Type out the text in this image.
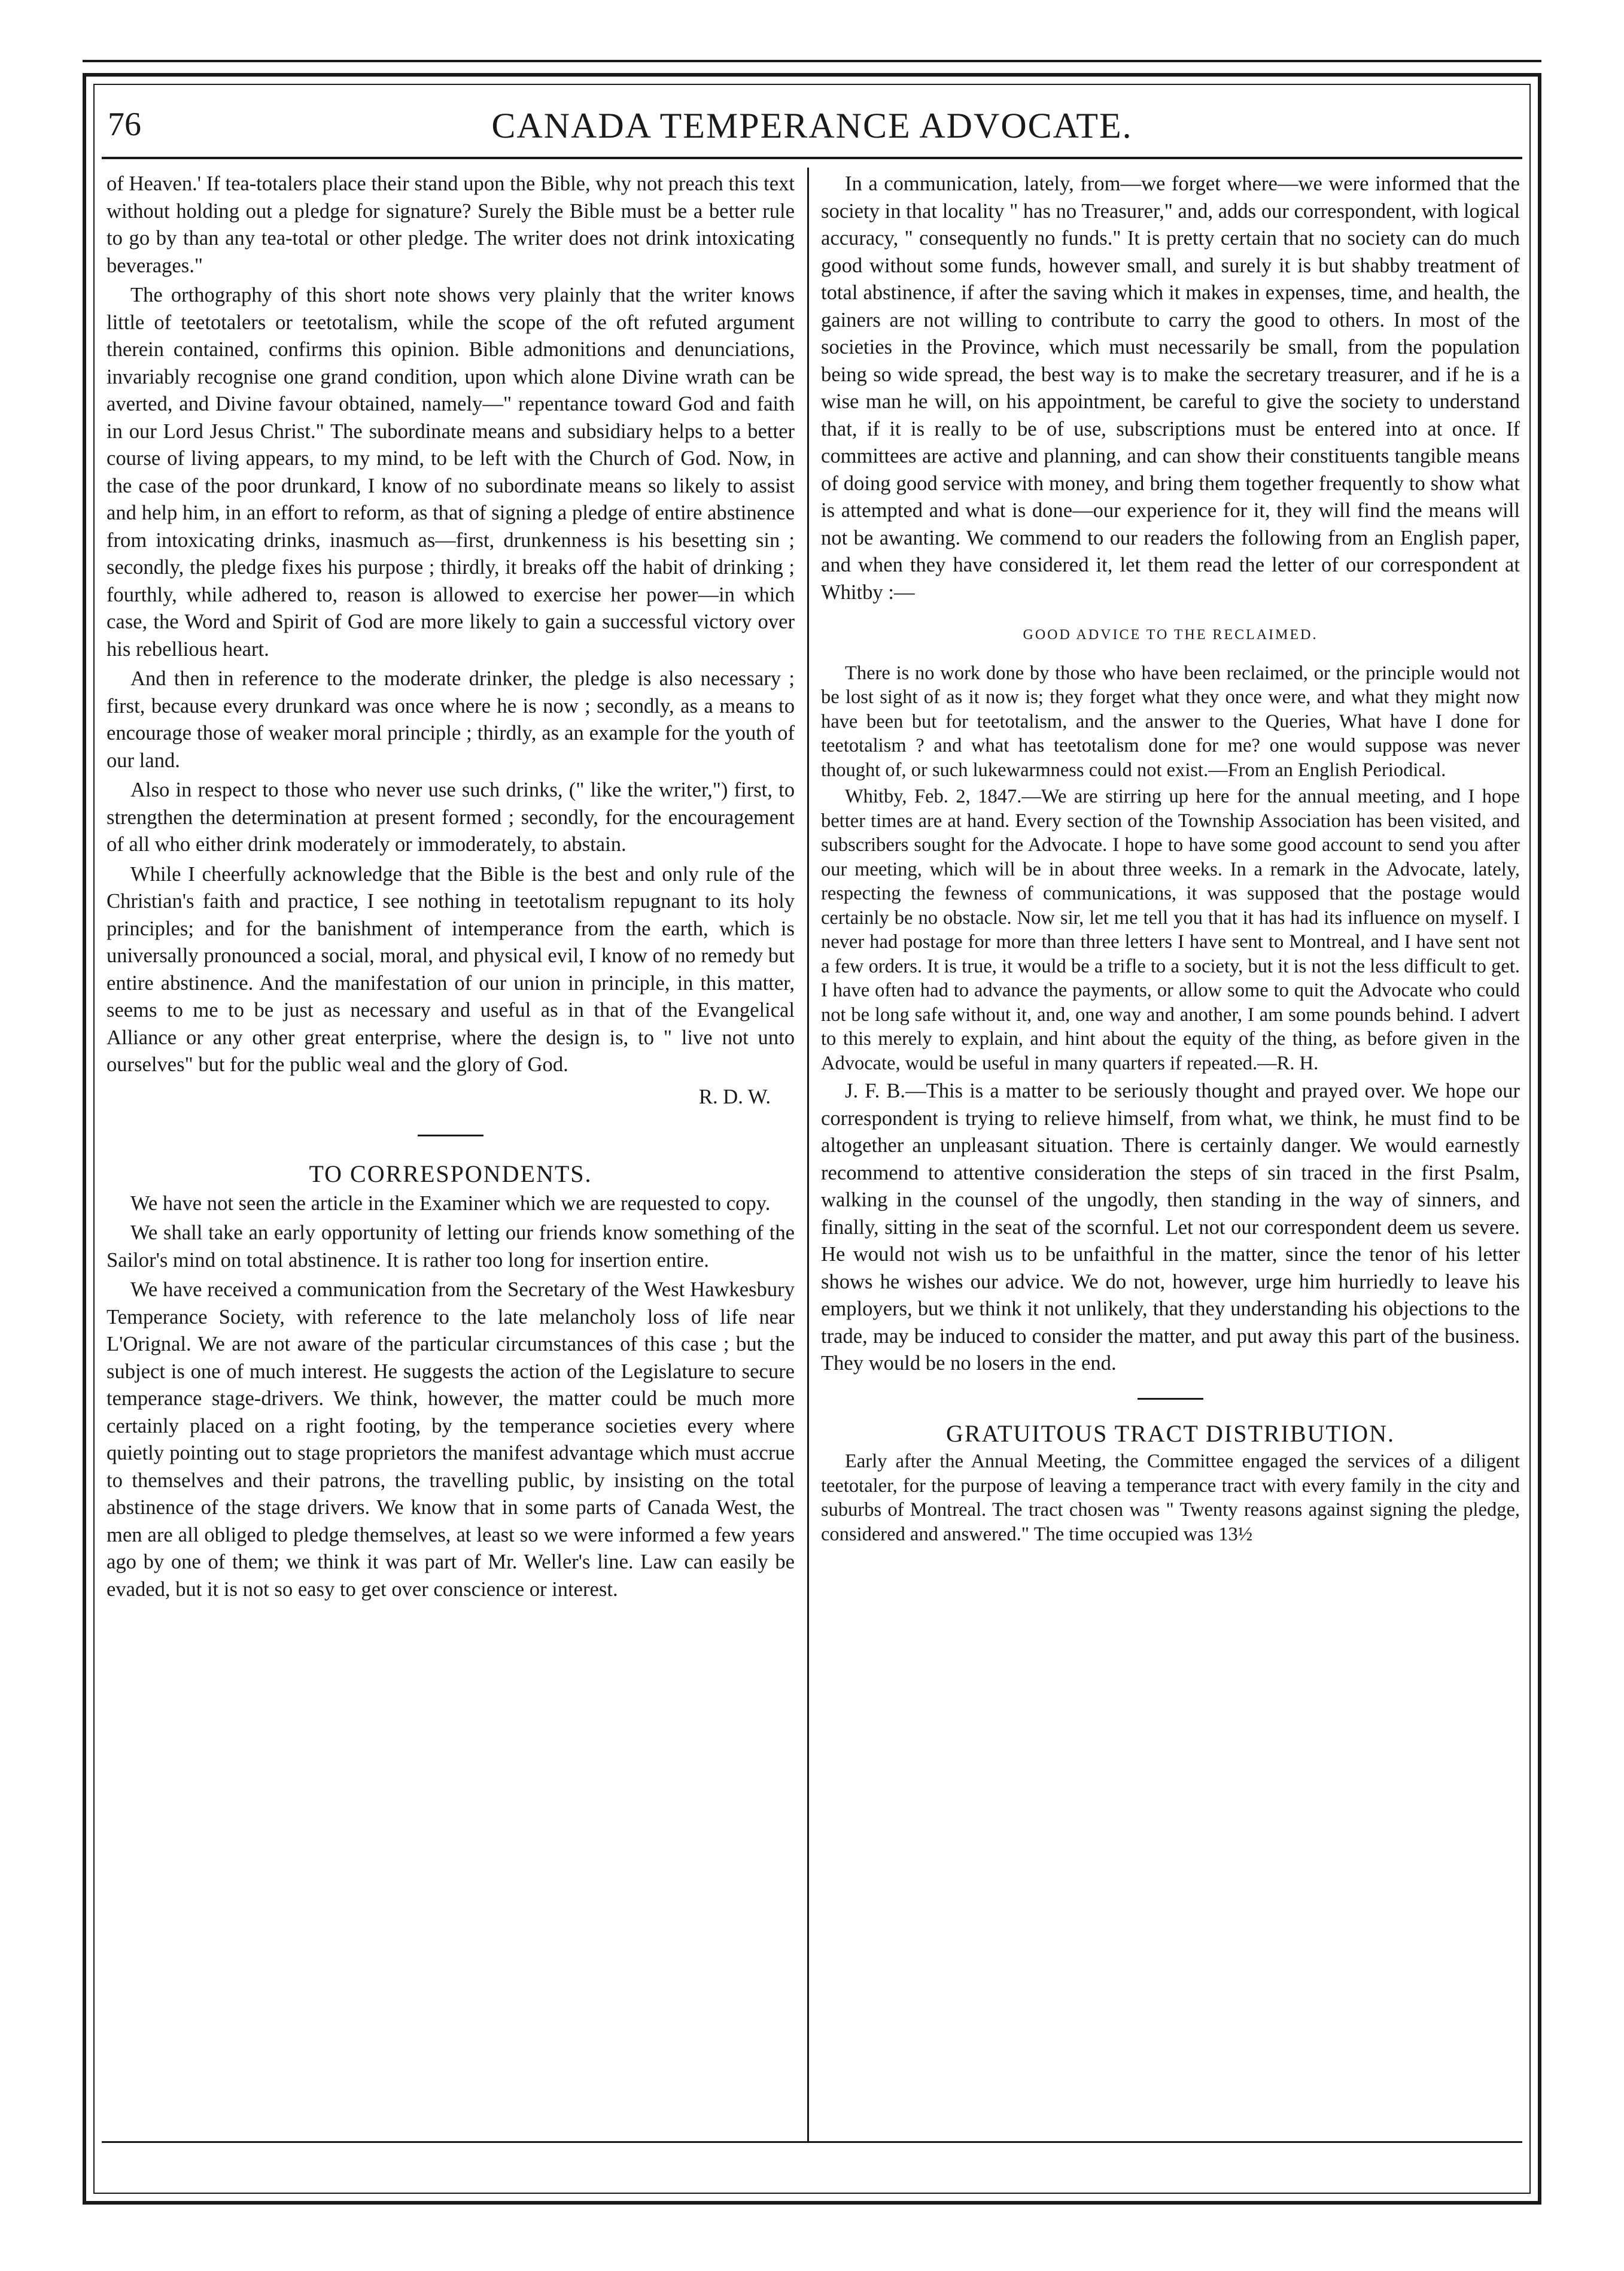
76	CANADA TEMPERANCE ADVOCATE.

of Heaven.' If tea-totalers place their stand upon the Bible, why not preach this text without holding out a pledge for signature? Surely the Bible must be a better rule to go by than any tea-total or other pledge. The writer does not drink intoxicating beverages."

The orthography of this short note shows very plainly that the writer knows little of teetotalers or teetotalism, while the scope of the oft refuted argument therein contained, confirms this opinion. Bible admonitions and denunciations, invariably recognise one grand condition, upon which alone Divine wrath can be averted, and Divine favour obtained, namely—" repentance toward God and faith in our Lord Jesus Christ." The subordinate means and subsidiary helps to a better course of living appears, to my mind, to be left with the Church of God. Now, in the case of the poor drunkard, I know of no subordinate means so likely to assist and help him, in an effort to reform, as that of signing a pledge of entire abstinence from intoxicating drinks, inasmuch as—first, drunkenness is his besetting sin ; secondly, the pledge fixes his purpose ; thirdly, it breaks off the habit of drinking ; fourthly, while adhered to, reason is allowed to exercise her power—in which case, the Word and Spirit of God are more likely to gain a successful victory over his rebellious heart.

And then in reference to the moderate drinker, the pledge is also necessary ; first, because every drunkard was once where he is now ; secondly, as a means to encourage those of weaker moral principle ; thirdly, as an example for the youth of our land.

Also in respect to those who never use such drinks, (" like the writer,") first, to strengthen the determination at present formed ; secondly, for the encouragement of all who either drink moderately or immoderately, to abstain.

While I cheerfully acknowledge that the Bible is the best and only rule of the Christian's faith and practice, I see nothing in teetotalism repugnant to its holy principles; and for the banishment of intemperance from the earth, which is universally pronounced a social, moral, and physical evil, I know of no remedy but entire abstinence. And the manifestation of our union in principle, in this matter, seems to me to be just as necessary and useful as in that of the Evangelical Alliance or any other great enterprise, where the design is, to " live not unto ourselves" but for the public weal and the glory of God.

R. D. W.
TO CORRESPONDENTS.

We have not seen the article in the Examiner which we are requested to copy.

We shall take an early opportunity of letting our friends know something of the Sailor's mind on total abstinence. It is rather too long for insertion entire.

We have received a communication from the Secretary of the West Hawkesbury Temperance Society, with reference to the late melancholy loss of life near L'Orignal. We are not aware of the particular circumstances of this case ; but the subject is one of much interest. He suggests the action of the Legislature to secure temperance stage-drivers. We think, however, the matter could be much more certainly placed on a right footing, by the temperance societies every where quietly pointing out to stage proprietors the manifest advantage which must accrue to themselves and their patrons, the travelling public, by insisting on the total abstinence of the stage drivers. We know that in some parts of Canada West, the men are all obliged to pledge themselves, at least so we were informed a few years ago by one of them; we think it was part of Mr. Weller's line. Law can easily be evaded, but it is not so easy to get over conscience or interest.

In a communication, lately, from—we forget where—we were informed that the society in that locality " has no Treasurer," and, adds our correspondent, with logical accuracy, " consequently no funds." It is pretty certain that no society can do much good without some funds, however small, and surely it is but shabby treatment of total abstinence, if after the saving which it makes in expenses, time, and health, the gainers are not willing to contribute to carry the good to others. In most of the societies in the Province, which must necessarily be small, from the population being so wide spread, the best way is to make the secretary treasurer, and if he is a wise man he will, on his appointment, be careful to give the society to understand that, if it is really to be of use, subscriptions must be entered into at once. If committees are active and planning, and can show their constituents tangible means of doing good service with money, and bring them together frequently to show what is attempted and what is done—our experience for it, they will find the means will not be awanting. We commend to our readers the following from an English paper, and when they have considered it, let them read the letter of our correspondent at Whitby :—

GOOD ADVICE TO THE RECLAIMED.

There is no work done by those who have been reclaimed, or the principle would not be lost sight of as it now is; they forget what they once were, and what they might now have been but for teetotalism, and the answer to the Queries, What have I done for teetotalism ? and what has teetotalism done for me? one would suppose was never thought of, or such lukewarmness could not exist.—From an English Periodical.

Whitby, Feb. 2, 1847.—We are stirring up here for the annual meeting, and I hope better times are at hand. Every section of the Township Association has been visited, and subscribers sought for the Advocate. I hope to have some good account to send you after our meeting, which will be in about three weeks. In a remark in the Advocate, lately, respecting the fewness of communications, it was supposed that the postage would certainly be no obstacle. Now sir, let me tell you that it has had its influence on myself. I never had postage for more than three letters I have sent to Montreal, and I have sent not a few orders. It is true, it would be a trifle to a society, but it is not the less difficult to get. I have often had to advance the payments, or allow some to quit the Advocate who could not be long safe without it, and, one way and another, I am some pounds behind. I advert to this merely to explain, and hint about the equity of the thing, as before given in the Advocate, would be useful in many quarters if repeated.—R. H.

J. F. B.—This is a matter to be seriously thought and prayed over. We hope our correspondent is trying to relieve himself, from what, we think, he must find to be altogether an unpleasant situation. There is certainly danger. We would earnestly recommend to attentive consideration the steps of sin traced in the first Psalm, walking in the counsel of the ungodly, then standing in the way of sinners, and finally, sitting in the seat of the scornful. Let not our correspondent deem us severe. He would not wish us to be unfaithful in the matter, since the tenor of his letter shows he wishes our advice. We do not, however, urge him hurriedly to leave his employers, but we think it not unlikely, that they understanding his objections to the trade, may be induced to consider the matter, and put away this part of the business. They would be no losers in the end.

GRATUITOUS TRACT DISTRIBUTION.

Early after the Annual Meeting, the Committee engaged the services of a diligent teetotaler, for the purpose of leaving a temperance tract with every family in the city and suburbs of Montreal. The tract chosen was " Twenty reasons against signing the pledge, considered and answered." The time occupied was 13½
